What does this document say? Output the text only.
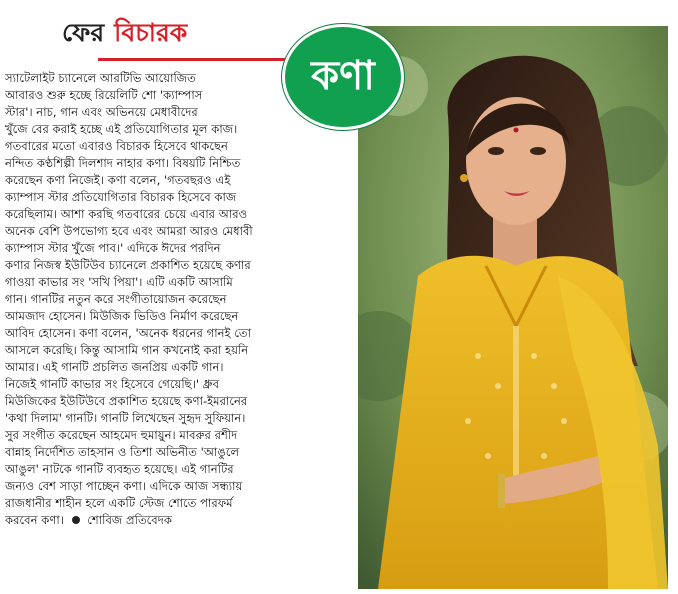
ফের বিচারক
কণা
স্যাটেলাইট চ্যানেলে আরটিভি আয়োজিত
আবারও শুরু হচ্ছে রিয়েলিটি শো 'ক্যাম্পাস
স্টার'। নাচ, গান এবং অভিনয়ে মেধাবীদের
খুঁজে বের করাই হচ্ছে এই প্রতিযোগিতার মূল কাজ।
গতবারের মতো এবারও বিচারক হিসেবে থাকছেন
নন্দিত কণ্ঠশিল্পী দিলশাদ নাহার কণা। বিষয়টি নিশ্চিত
করেছেন কণা নিজেই। কণা বলেন, 'গতবছরও এই
ক্যাম্পাস স্টার প্রতিযোগিতার বিচারক হিসেবে কাজ
করেছিলাম। আশা করছি গতবারের চেয়ে এবার আরও
অনেক বেশি উপভোগ্য হবে এবং আমরা আরও মেধাবী
ক্যাম্পাস স্টার খুঁজে পাব।' এদিকে ঈদের পরদিন
কণার নিজস্ব ইউটিউব চ্যানেলে প্রকাশিত হয়েছে কণার
গাওয়া কাভার সং 'সখি পিয়া'। এটি একটি আসামি
গান। গানটির নতুন করে সংগীতায়োজন করেছেন
আমজাদ হোসেন। মিউজিক ভিডিও নির্মাণ করেছেন
আবিদ হোসেন। কণা বলেন, 'অনেক ধরনের গানই তো
আসলে করেছি। কিন্তু আসামি গান কখনোই করা হয়নি
আমার। এই গানটি প্রচলিত জনপ্রিয় একটি গান।
নিজেই গানটি কাভার সং হিসেবে গেয়েছি।' ধ্রুব
মিউজিকের ইউটিউবে প্রকাশিত হয়েছে কণা-ইমরানের
'কথা দিলাম' গানটি। গানটি লিখেছেন সুহৃদ সুফিয়ান।
সুর সংগীত করেছেন আহমেদ হুমায়ুন। মাবরুর রশীদ
বান্নাহ নির্দেশিত তাহসান ও তিশা অভিনীত 'আঙুলে
আঙুল' নাটকে গানটি ব্যবহৃত হয়েছে। এই গানটির
জন্যও বেশ সাড়া পাচ্ছেন কণা। এদিকে আজ সন্ধ্যায়
রাজধানীর শাহীন হলে একটি স্টেজ শোতে পারফর্ম
করবেন কণা। শোবিজ প্রতিবেদক
